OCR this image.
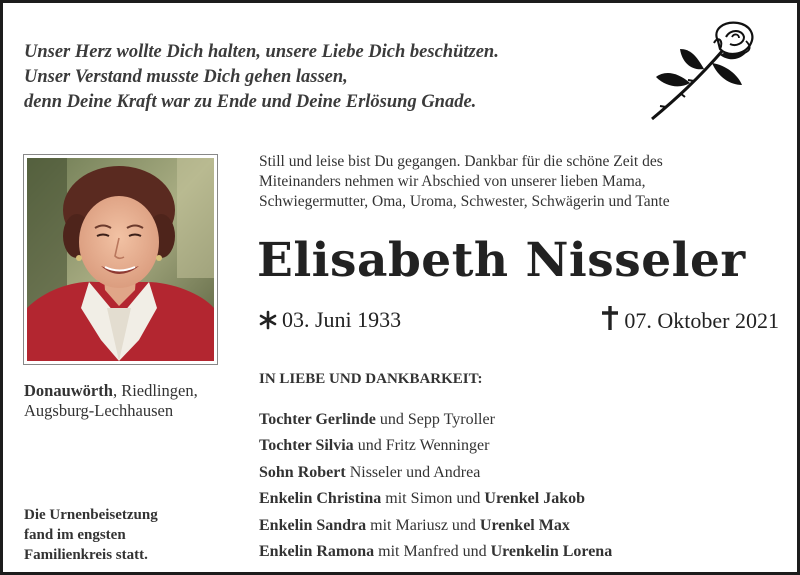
Unser Herz wollte Dich halten, unsere Liebe Dich beschützen.
Unser Verstand musste Dich gehen lassen,
denn Deine Kraft war zu Ende und Deine Erlösung Gnade.
Donauwörth, Riedlingen,
Augsburg-Lechhausen
Die Urnenbeisetzung
fand im engsten
Familienkreis statt.
Still und leise bist Du gegangen. Dankbar für die schöne Zeit des
Miteinanders nehmen wir Abschied von unserer lieben Mama,
Schwiegermutter, Oma, Uroma, Schwester, Schwägerin und Tante
Elisabeth Nisseler
03. Juni 1933	07. Oktober 2021
IN LIEBE UND DANKBARKEIT:
Tochter Gerlinde und Sepp Tyroller
Tochter Silvia und Fritz Wenninger
Sohn Robert Nisseler und Andrea
Enkelin Christina mit Simon und Urenkel Jakob
Enkelin Sandra mit Mariusz und Urenkel Max
Enkelin Ramona mit Manfred und Urenkelin Lorena
